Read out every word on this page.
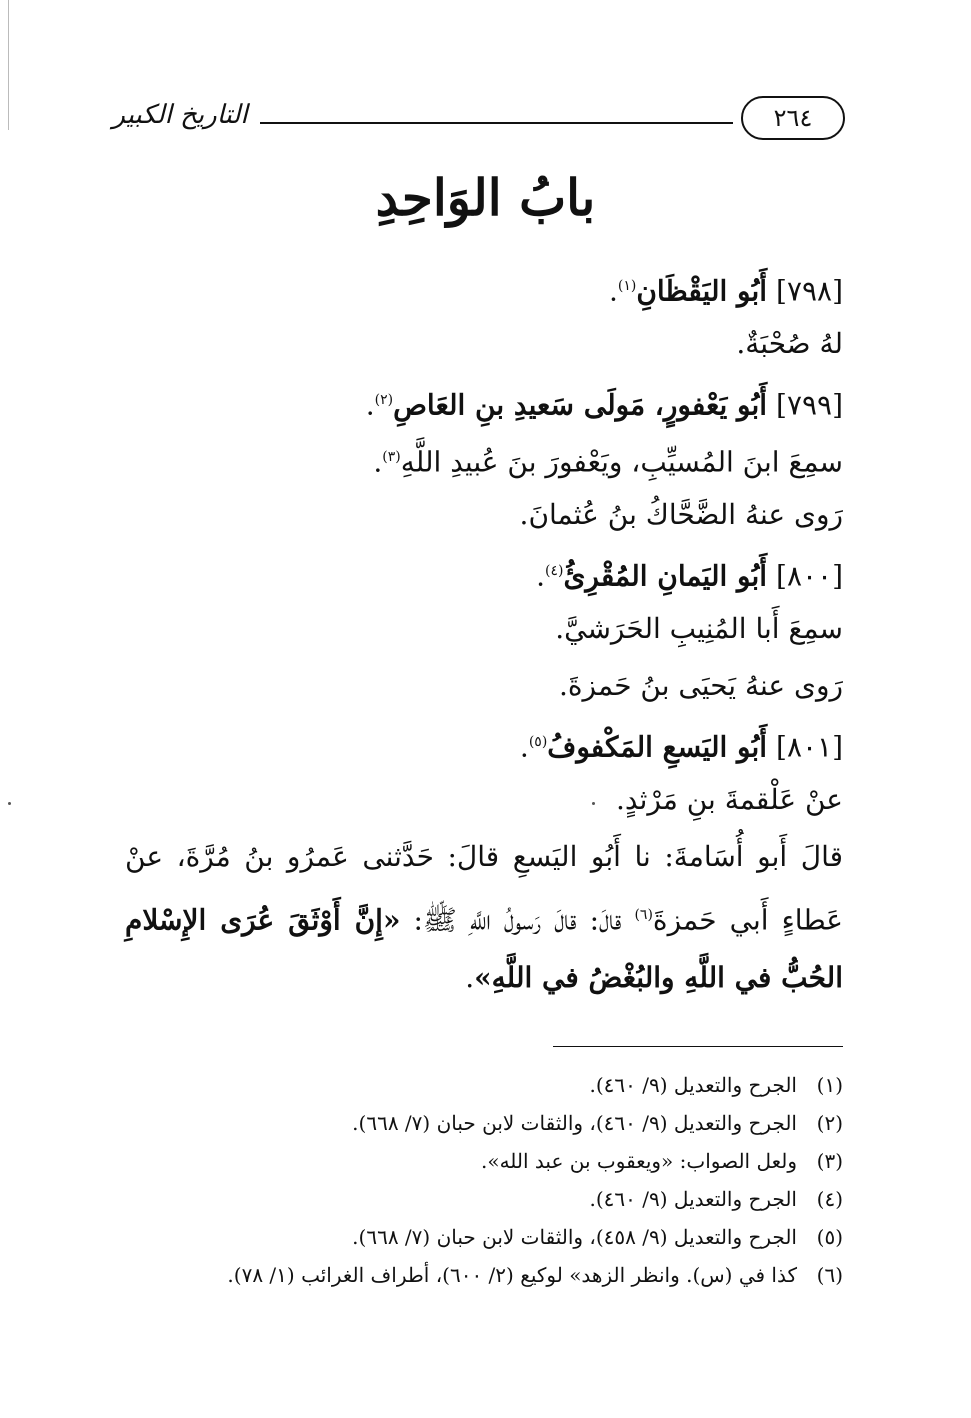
التاريخ الكبير	٢٦٤
بابُ الوَاحِدِ
[٧٩٨] أَبُو اليَقْظَانِ$^{(١)}$.
لهُ صُحْبَةٌ.
[٧٩٩] أَبُو يَعْفورٍ، مَولَى سَعيدِ بنِ العَاصِ$^{(٢)}$.
سمِعَ ابنَ المُسيِّبِ، ويَعْفورَ بنَ عُبيدِ اللَّهِ$^{(٣)}$.
رَوى عنهُ الضَّحَّاكُ بنُ عُثمانَ.
[٨٠٠] أَبُو اليَمانِ المُقْرِئُ$^{(٤)}$.
سمِعَ أَبا المُنِيبِ الحَرَشيَّ.
رَوى عنهُ يَحيَى بنُ حَمزةَ.
[٨٠١] أَبُو اليَسعِ المَكْفوفُ$^{(٥)}$.
عنْ عَلْقمةَ بنِ مَرْثدٍ.
قالَ أَبو أُسَامةَ: نا أَبُو اليَسعِ قالَ: حَدَّثنى عَمرُو بنُ مُرَّةَ، عنْ عَطاءٍ أَبي حَمزةَ$^{(٦)}$ قالَ: قالَ رَسولُ اللَّهِ ﷺ: «إِنَّ أَوْثَقَ عُرَى الإِسْلامِ الحُبُّ في اللَّهِ والبُغْضُ في اللَّهِ».
(١)الجرح والتعديل (٩/ ٤٦٠).
(٢)الجرح والتعديل (٩/ ٤٦٠)، والثقات لابن حبان (٧/ ٦٦٨).
(٣)ولعل الصواب: «ويعقوب بن عبد الله».
(٤)الجرح والتعديل (٩/ ٤٦٠).
(٥)الجرح والتعديل (٩/ ٤٥٨)، والثقات لابن حبان (٧/ ٦٦٨).
(٦)كذا في (س). وانظر الزهد» لوكيع (٢/ ٦٠٠)، أطراف الغرائب (١/ ٧٨).
